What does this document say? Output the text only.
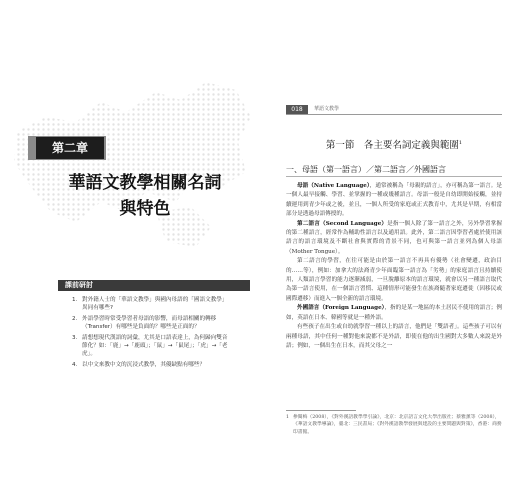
第二章
華語文教學相關名詞
與特色
課前研討
1. 對外籍人士的「華語文教學」與國內母語的「國語文教學」異同有哪些?
2. 外語學習時常受學習者母語的影響，而母語相關的轉移（Transfer）有哪些是負面的？哪些是正面的？
3. 請想想現代漢語的詞彙，尤其是口語表達上，為何歸向雙音節化？如：「鹿」→「鹿頭」；「鼠」→「鼠尾」；「虎」→「老虎」。
4. 以中文來教中文的沉浸式教學，其優缺點有哪些？
018	華語文教學
第一節　各主要名詞定義與範圍$^1$
一、母語（第一語言）／第二語言／外國語言

母語（Native Language），通常被稱為「母親的語言」，亦可稱為第一語言。是一個人最早接觸、學習、並掌握的一種或幾種語言。母語一般是自幼即開始接觸，並持續運用到青少年或之後，並且，一個人所受的家庭或正式教育中，尤其是早期，有相當部分是透過母語傳授的。

第二語言（Second Language）是指一個人除了第一語言之外，另外學習掌握的第二種語言，經常作為輔助性語言以及通用語。此外，第二語言因學習者處於使用該語言的語言環境及不斷社會與實際的背景不同，也可與第一語言並列為個人母語（Mother Tongue）。

第二語言的學習，在往可能是由於第一語言不再具有優勢（社會變遷，政治目的……等），例如：加拿大的法裔青少年面臨第一語言為「劣勢」的家庭語言且持續使用，人類語言學習的能力逐漸減弱，一旦脫離原本的語言環境，就會以另一種語言取代為第一語言使用，在一個語言習慣、這種情形可能發生在族裔隨著家庭遷徙（因移民或國際遷移）而進入一個全新的語言環境。

外國語言（Foreign Language），指的是某一地區的本土居民不使用的語言；例如，英語在日本、韓國等就是一種外語。

有些孩子在出生或自幼就學習一種以上的語言，他們是「雙語者」。這些孩子可以有兩種母語，其中任何一種對他來說都不是外語，即使在他的出生國對大多數人來說是外語；例如，一個出生在日本，而其父母之一

1 參閱梅（2008），《對外漢語教學學引論》，北京：北京語言文化大學出版社；蔡雅薰等（2008），《華語文教學導論》，臺北：三民書局；《對外漢語教學發展與建設的主要問題與對策》，香港：商務印書館。
